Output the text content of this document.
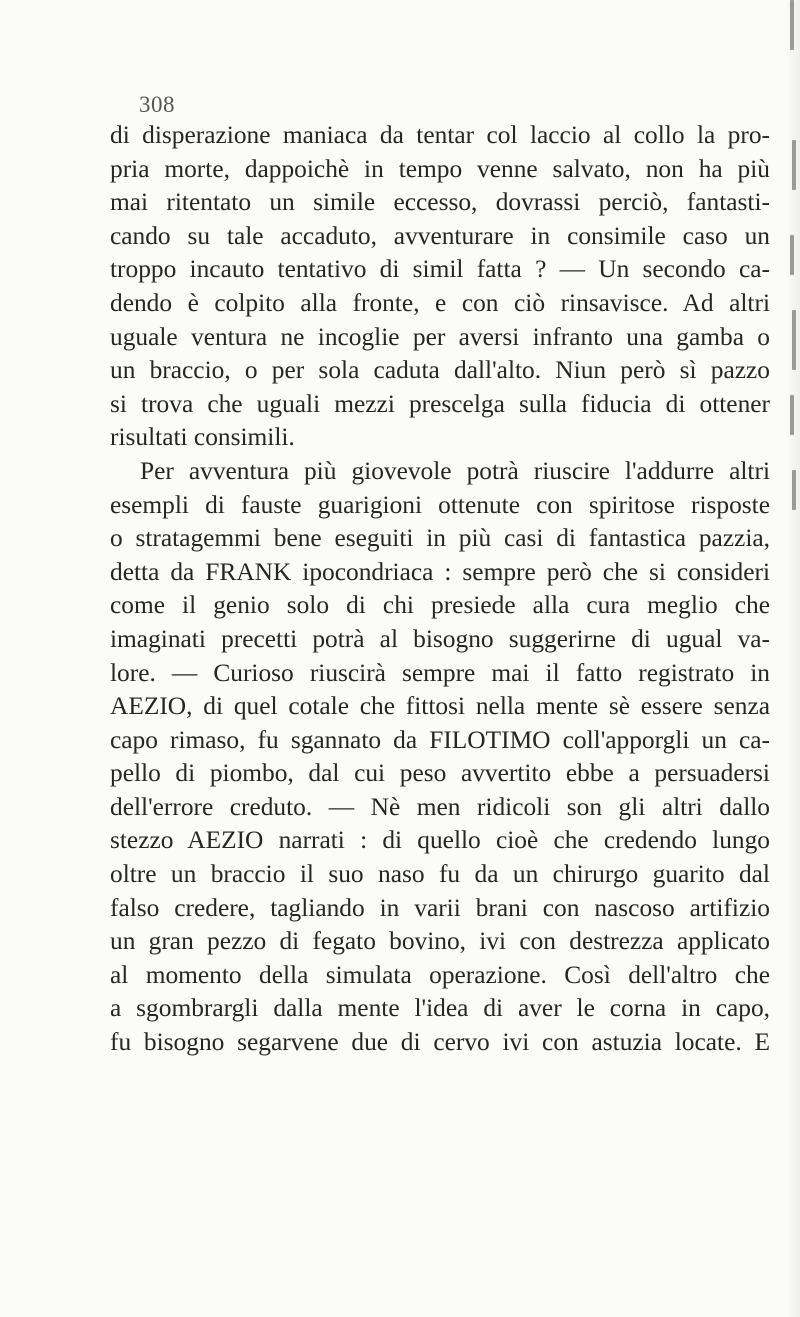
308
di disperazione maniaca da tentar col laccio al collo la pro-
pria morte, dappoichè in tempo venne salvato, non ha più
mai ritentato un simile eccesso, dovrassi perciò, fantasti-
cando su tale accaduto, avventurare in consimile caso un
troppo incauto tentativo di simil fatta ? — Un secondo ca-
dendo è colpito alla fronte, e con ciò rinsavisce. Ad altri
uguale ventura ne incoglie per aversi infranto una gamba o
un braccio, o per sola caduta dall'alto. Niun però sì pazzo
si trova che uguali mezzi prescelga sulla fiducia di ottener
risultati consimili.
Per avventura più giovevole potrà riuscire l'addurre altri
esempli di fauste guarigioni ottenute con spiritose risposte
o stratagemmi bene eseguiti in più casi di fantastica pazzia,
detta da FRANK ipocondriaca : sempre però che si consideri
come il genio solo di chi presiede alla cura meglio che
imaginati precetti potrà al bisogno suggerirne di ugual va-
lore. — Curioso riuscirà sempre mai il fatto registrato in
AEZIO, di quel cotale che fittosi nella mente sè essere senza
capo rimaso, fu sgannato da FILOTIMO coll'apporgli un ca-
pello di piombo, dal cui peso avvertito ebbe a persuadersi
dell'errore creduto. — Nè men ridicoli son gli altri dallo
stezzo AEZIO narrati : di quello cioè che credendo lungo
oltre un braccio il suo naso fu da un chirurgo guarito dal
falso credere, tagliando in varii brani con nascoso artifizio
un gran pezzo di fegato bovino, ivi con destrezza applicato
al momento della simulata operazione. Così dell'altro che
a sgombrargli dalla mente l'idea di aver le corna in capo,
fu bisogno segarvene due di cervo ivi con astuzia locate. E
